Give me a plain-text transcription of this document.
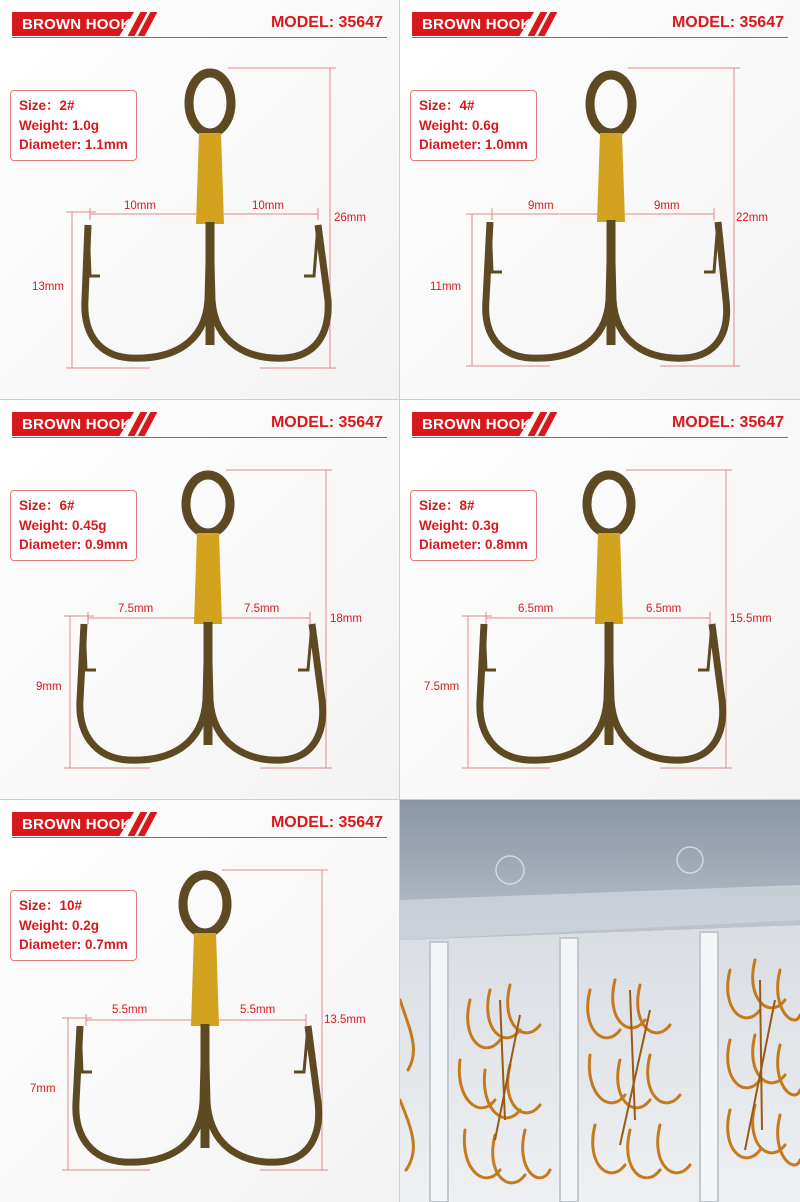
BROWN HOOK	MODEL: 35647
Size：2#
Weight: 1.0g
Diameter: 1.1mm
10mm	10mm
26mm
13mm
BROWN HOOK	MODEL: 35647
Size：4#
Weight: 0.6g
Diameter: 1.0mm
9mm	9mm
22mm
11mm
BROWN HOOK	MODEL: 35647
Size：6#
Weight: 0.45g
Diameter: 0.9mm
7.5mm	7.5mm
18mm
9mm
BROWN HOOK	MODEL: 35647
Size：8#
Weight: 0.3g
Diameter: 0.8mm
6.5mm	6.5mm
15.5mm
7.5mm
BROWN HOOK	MODEL: 35647
Size：10#
Weight: 0.2g
Diameter: 0.7mm
5.5mm	5.5mm
13.5mm
7mm
